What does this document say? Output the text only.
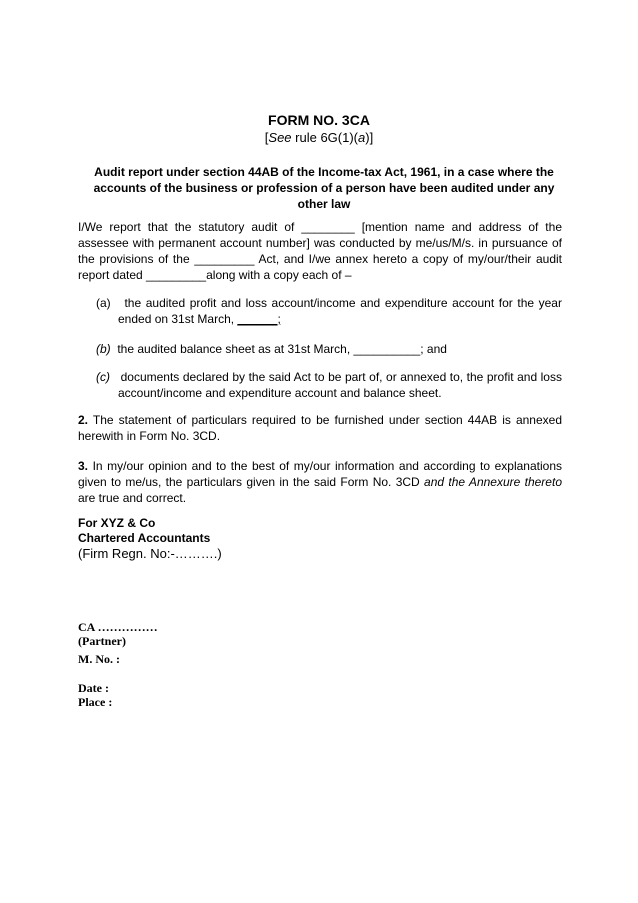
FORM NO. 3CA
[See rule 6G(1)(a)]
Audit report under section 44AB of the Income-tax Act, 1961, in a case where the accounts of the business or profession of a person have been audited under any other law
I/We report that the statutory audit of ________ [mention name and address of the assessee with permanent account number] was conducted by me/us/M/s. in pursuance of the provisions of the _________ Act, and I/we annex hereto a copy of my/our/their audit report dated _________along with a copy each of –
(a) the audited profit and loss account/income and expenditure account for the year ended on 31st March, ______;
(b) the audited balance sheet as at 31st March, __________; and
(c) documents declared by the said Act to be part of, or annexed to, the profit and loss account/income and expenditure account and balance sheet.
2. The statement of particulars required to be furnished under section 44AB is annexed herewith in Form No. 3CD.
3. In my/our opinion and to the best of my/our information and according to explanations given to me/us, the particulars given in the said Form No. 3CD and the Annexure thereto are true and correct.
For XYZ & Co
Chartered Accountants
(Firm Regn. No:-……….)
CA ……………
(Partner)
M. No. :
Date :
Place :
